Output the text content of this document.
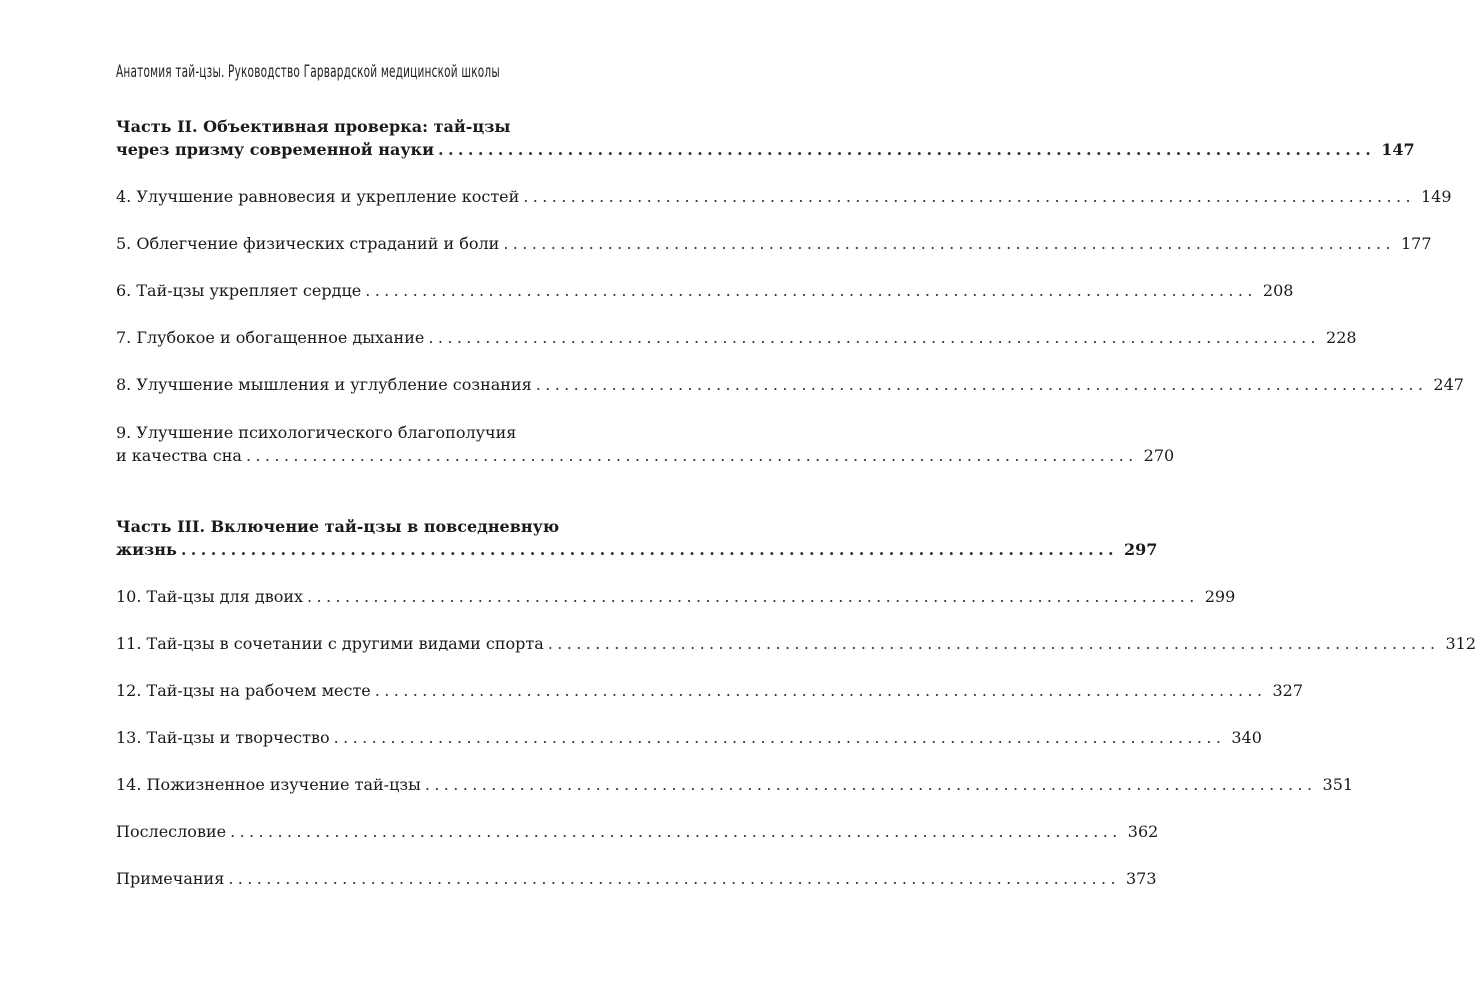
Анатомия тай-цзы. Руководство Гарвардской медицинской школы
Часть II. Объективная проверка: тай-цзы
через призму современной науки .............................................................................................. 147
4. Улучшение равновесия и укрепление костей .............................................................................................. 149
5. Облегчение физических страданий и боли .............................................................................................. 177
6. Тай-цзы укрепляет сердце .............................................................................................. 208
7. Глубокое и обогащенное дыхание .............................................................................................. 228
8. Улучшение мышления и углубление сознания .............................................................................................. 247
9. Улучшение психологического благополучия
и качества сна .............................................................................................. 270
Часть III. Включение тай-цзы в повседневную
жизнь .............................................................................................. 297
10. Тай-цзы для двоих .............................................................................................. 299
11. Тай-цзы в сочетании с другими видами спорта .............................................................................................. 312
12. Тай-цзы на рабочем месте .............................................................................................. 327
13. Тай-цзы и творчество .............................................................................................. 340
14. Пожизненное изучение тай-цзы .............................................................................................. 351
Послесловие .............................................................................................. 362
Примечания .............................................................................................. 373
